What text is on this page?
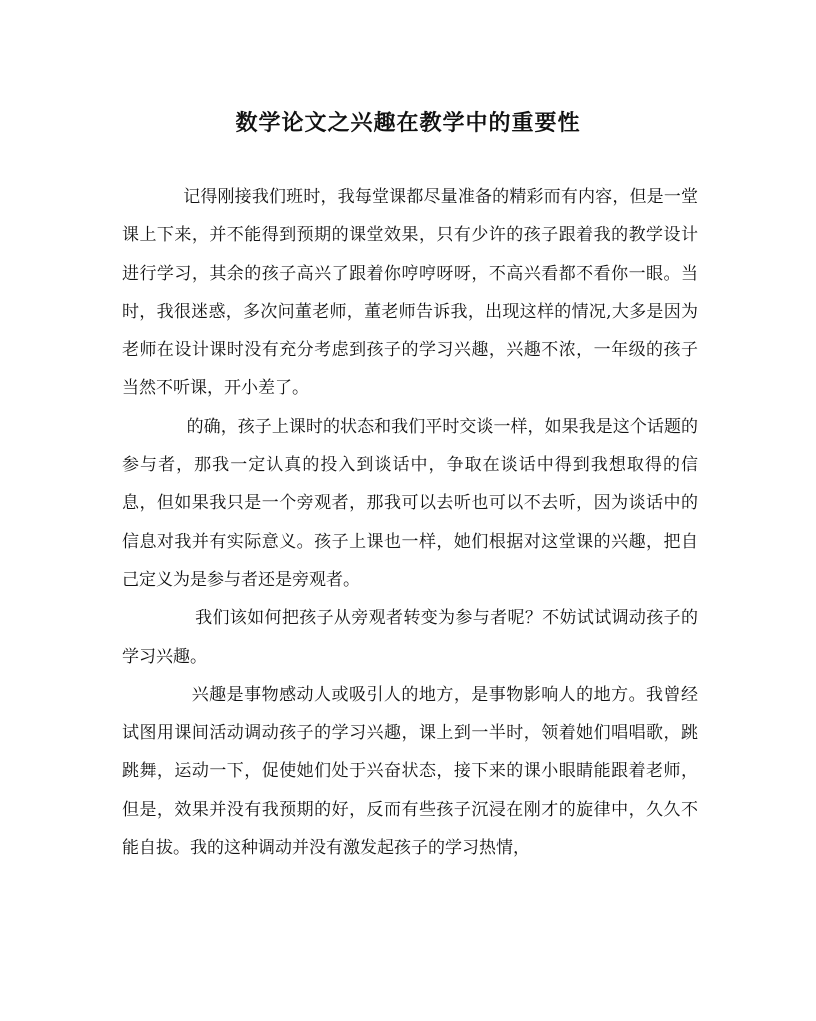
数学论文之兴趣在教学中的重要性

记得刚接我们班时，我每堂课都尽量准备的精彩而有内容，但是一堂课上下来，并不能得到预期的课堂效果，只有少许的孩子跟着我的教学设计进行学习，其余的孩子高兴了跟着你哼哼呀呀，不高兴看都不看你一眼。当时，我很迷惑，多次问董老师，董老师告诉我，出现这样的情况,大多是因为老师在设计课时没有充分考虑到孩子的学习兴趣，兴趣不浓，一年级的孩子当然不听课，开小差了。

的确，孩子上课时的状态和我们平时交谈一样，如果我是这个话题的参与者，那我一定认真的投入到谈话中，争取在谈话中得到我想取得的信息，但如果我只是一个旁观者，那我可以去听也可以不去听，因为谈话中的信息对我并有实际意义。孩子上课也一样，她们根据对这堂课的兴趣，把自己定义为是参与者还是旁观者。

我们该如何把孩子从旁观者转变为参与者呢？不妨试试调动孩子的学习兴趣。

兴趣是事物感动人或吸引人的地方，是事物影响人的地方。我曾经试图用课间活动调动孩子的学习兴趣，课上到一半时，领着她们唱唱歌，跳跳舞，运动一下，促使她们处于兴奋状态，接下来的课小眼睛能跟着老师，但是，效果并没有我预期的好，反而有些孩子沉浸在刚才的旋律中，久久不能自拔。我的这种调动并没有激发起孩子的学习热情，
